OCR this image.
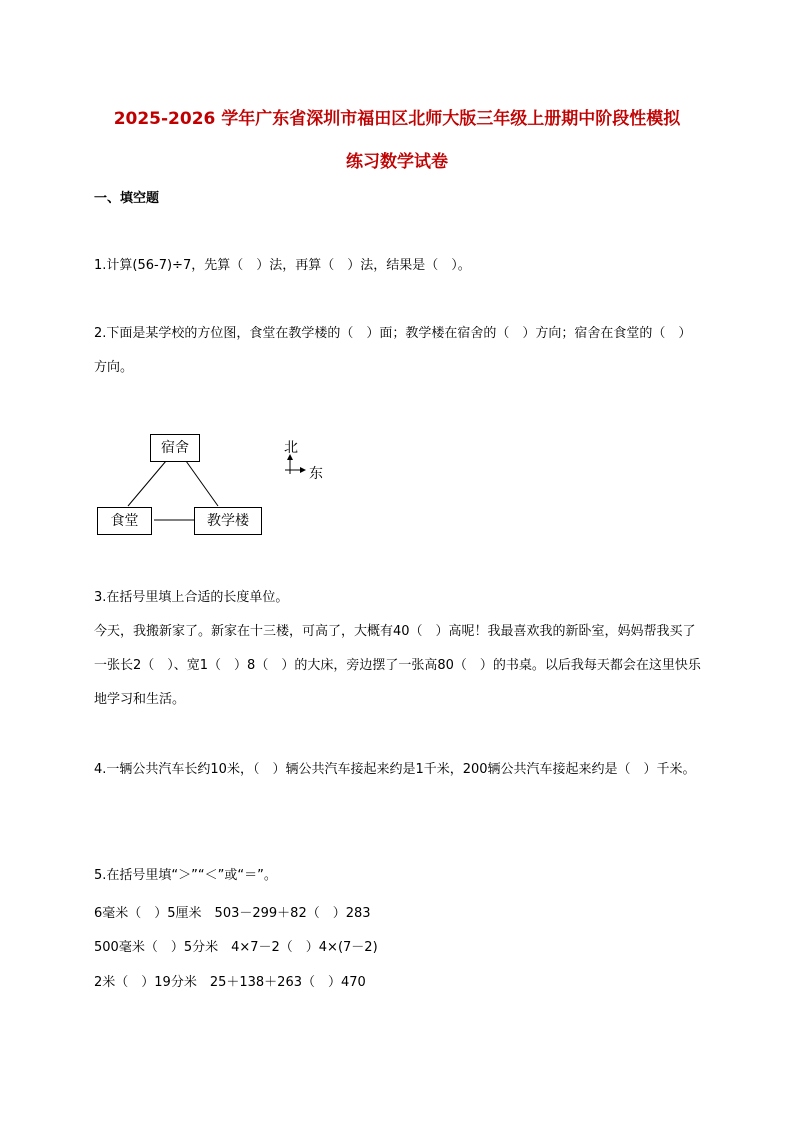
2025-2026 学年广东省深圳市福田区北师大版三年级上册期中阶段性模拟
练习数学试卷
一、填空题
1.计算(56-7)÷7，先算（　）法，再算（　）法，结果是（　）。
2.下面是某学校的方位图，食堂在教学楼的（　）面；教学楼在宿舍的（　）方向；宿舍在食堂的（　）方向。
宿舍
食堂	教学楼
北
东
3.在括号里填上合适的长度单位。
今天，我搬新家了。新家在十三楼，可高了，大概有40（　）高呢！我最喜欢我的新卧室，妈妈帮我买了一张长2（　）、宽1（　）8（　）的大床，旁边摆了一张高80（　）的书桌。以后我每天都会在这里快乐地学习和生活。
4.一辆公共汽车长约10米，（　）辆公共汽车接起来约是1千米，200辆公共汽车接起来约是（　）千米。
5.在括号里填“＞”“＜”或“＝”。
6毫米（　）5厘米　503－299＋82（　）283
500毫米（　）5分米　4×7－2（　）4×(7－2)
2米（　）19分米　25＋138＋263（　）470
